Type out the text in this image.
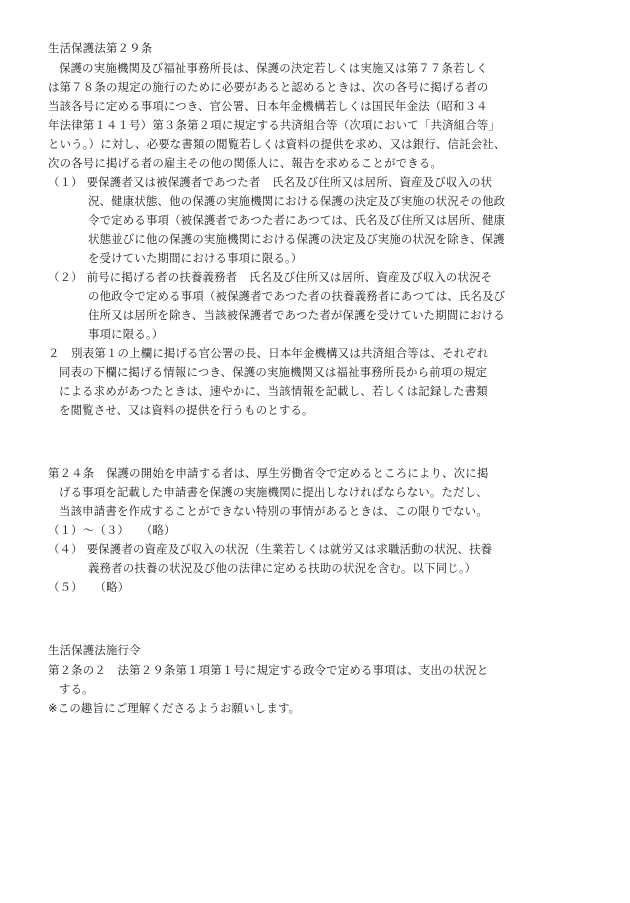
生活保護法第２９条
保護の実施機関及び福祉事務所長は、保護の決定若しくは実施又は第７７条若しく
は第７８条の規定の施行のために必要があると認めるときは、次の各号に掲げる者の
当該各号に定める事項につき、官公署、日本年金機構若しくは国民年金法（昭和３４
年法律第１４１号）第３条第２項に規定する共済組合等（次項において「共済組合等」
という。）に対し、必要な書類の閲覧若しくは資料の提供を求め、又は銀行、信託会社、
次の各号に掲げる者の雇主その他の関係人に、報告を求めることができる。
（１） 要保護者又は被保護者であつた者　氏名及び住所又は居所、資産及び収入の状
況、健康状態、他の保護の実施機関における保護の決定及び実施の状況その他政
令で定める事項（被保護者であつた者にあつては、氏名及び住所又は居所、健康
状態並びに他の保護の実施機関における保護の決定及び実施の状況を除き、保護
を受けていた期間における事項に限る。）
（２） 前号に掲げる者の扶養義務者　氏名及び住所又は居所、資産及び収入の状況そ
の他政令で定める事項（被保護者であつた者の扶養義務者にあつては、氏名及び
住所又は居所を除き、当該被保護者であつた者が保護を受けていた期間における
事項に限る。）
２　別表第１の上欄に掲げる官公署の長、日本年金機構又は共済組合等は、それぞれ
同表の下欄に掲げる情報につき、保護の実施機関又は福祉事務所長から前項の規定
による求めがあつたときは、速やかに、当該情報を記載し、若しくは記録した書類
を閲覧させ、又は資料の提供を行うものとする。
第２４条　保護の開始を申請する者は、厚生労働省令で定めるところにより、次に掲
げる事項を記載した申請書を保護の実施機関に提出しなければならない。ただし、
当該申請書を作成することができない特別の事情があるときは、この限りでない。
（１）～（３）　　（略）
（４） 要保護者の資産及び収入の状況（生業若しくは就労又は求職活動の状況、扶養
義務者の扶養の状況及び他の法律に定める扶助の状況を含む。以下同じ。）
（５）　　（略）
生活保護法施行令
第２条の２　法第２９条第１項第１号に規定する政令で定める事項は、支出の状況と
する。
※この趣旨にご理解くださるようお願いします。
